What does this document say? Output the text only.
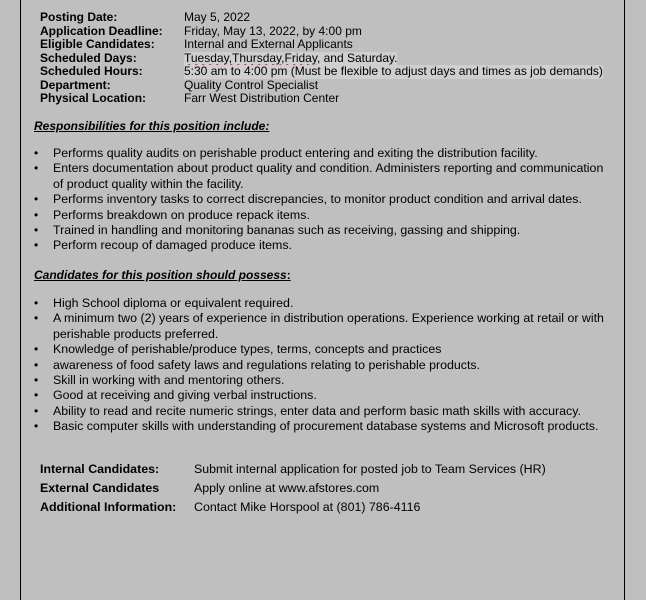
Posting Date:	May 5, 2022
Application Deadline: Friday, May 13, 2022, by 4:00 pm
Eligible Candidates: Internal and External Applicants
Scheduled Days:	Tuesday,Thursday,Friday, and Saturday.
Scheduled Hours:	5:30 am to 4:00 pm (Must be flexible to adjust days and times as job demands)
Department:	Quality Control Specialist
Physical Location:	Farr West Distribution Center
Responsibilities for this position include:
• Performs quality audits on perishable product entering and exiting the distribution facility.
• Enters documentation about product quality and condition. Administers reporting and communication of product quality within the facility.
• Performs inventory tasks to correct discrepancies, to monitor product condition and arrival dates.
• Performs breakdown on produce repack items.
• Trained in handling and monitoring bananas such as receiving, gassing and shipping.
• Perform recoup of damaged produce items.
Candidates for this position should possess:
• High School diploma or equivalent required.
• A minimum two (2) years of experience in distribution operations. Experience working at retail or with perishable products preferred.
• Knowledge of perishable/produce types, terms, concepts and practices
• awareness of food safety laws and regulations relating to perishable products.
• Skill in working with and mentoring others.
• Good at receiving and giving verbal instructions.
• Ability to read and recite numeric strings, enter data and perform basic math skills with accuracy.
• Basic computer skills with understanding of procurement database systems and Microsoft products.
Internal Candidates:	Submit internal application for posted job to Team Services (HR)
External Candidates	Apply online at www.afstores.com
Additional Information: Contact Mike Horspool at (801) 786-4116
